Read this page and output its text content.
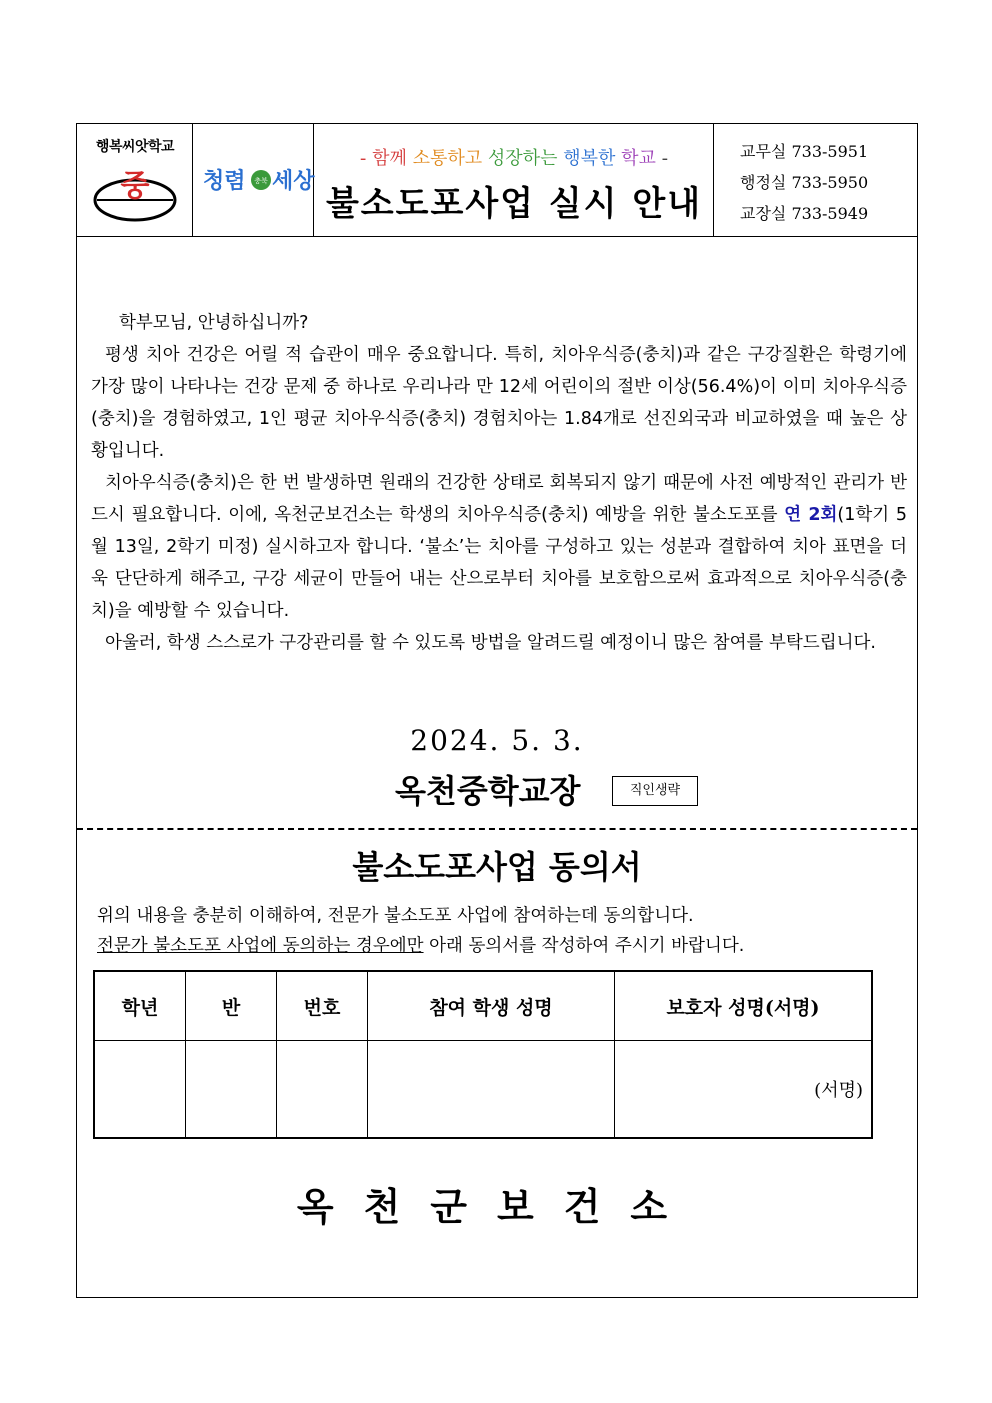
행복씨앗학교
중 청렴 충북 세상
- 함께 소통하고 성장하는 행복한 학교 -
불소도포사업 실시 안내
교무실 733-5951
행정실 733-5950
교장실 733-5949

학부모님, 안녕하십니까?

평생 치아 건강은 어릴 적 습관이 매우 중요합니다. 특히, 치아우식증(충치)과 같은 구강질환은 학령기에 가장 많이 나타나는 건강 문제 중 하나로 우리나라 만 12세 어린이의 절반 이상(56.4%)이 이미 치아우식증(충치)을 경험하였고, 1인 평균 치아우식증(충치) 경험치아는 1.84개로 선진외국과 비교하였을 때 높은 상황입니다.

치아우식증(충치)은 한 번 발생하면 원래의 건강한 상태로 회복되지 않기 때문에 사전 예방적인 관리가 반드시 필요합니다. 이에, 옥천군보건소는 학생의 치아우식증(충치) 예방을 위한 불소도포를 연 2회(1학기 5월 13일, 2학기 미정) 실시하고자 합니다. ‘불소’는 치아를 구성하고 있는 성분과 결합하여 치아 표면을 더욱 단단하게 해주고, 구강 세균이 만들어 내는 산으로부터 치아를 보호함으로써 효과적으로 치아우식증(충치)을 예방할 수 있습니다.

아울러, 학생 스스로가 구강관리를 할 수 있도록 방법을 알려드릴 예정이니 많은 참여를 부탁드립니다.

2024. 5. 3.
옥천중학교장	직인생략
불소도포사업 동의서
위의 내용을 충분히 이해하여, 전문가 불소도포 사업에 참여하는데 동의합니다.
전문가 불소도포 사업에 동의하는 경우에만 아래 동의서를 작성하여 주시기 바랍니다.
학년	반	번호	참여 학생 성명	보호자 성명(서명)
				(서명)
옥천군보건소
